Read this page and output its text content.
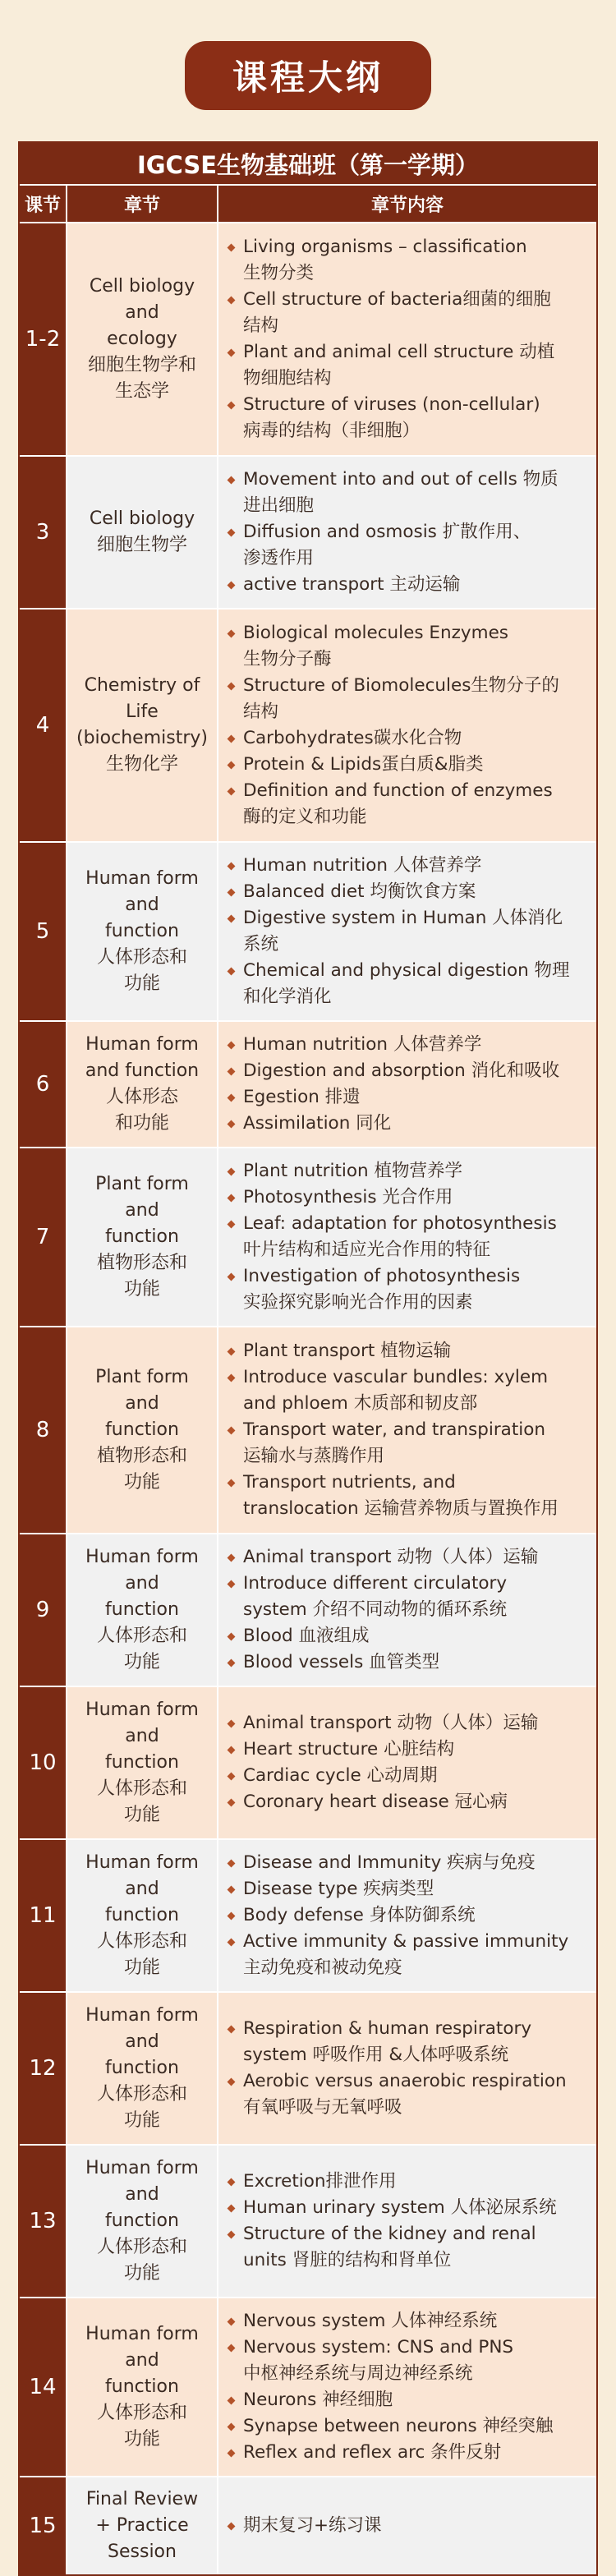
课程大纲
IGCSE生物基础班（第一学期）
课节	章节	章节内容
1-2
Cell biology
and
ecology
细胞生物学和
生态学
Living organisms – classification
生物分类
Cell structure of bacteria细菌的细胞
结构
Plant and animal cell structure 动植
物细胞结构
Structure of viruses (non-cellular)
病毒的结构（非细胞）
3
Cell biology
细胞生物学
Movement into and out of cells 物质
进出细胞
Diffusion and osmosis 扩散作用、
渗透作用
active transport 主动运输
4
Chemistry of
Life
(biochemistry)
生物化学
Biological molecules Enzymes
生物分子酶
Structure of Biomolecules生物分子的
结构
Carbohydrates碳水化合物
Protein & Lipids蛋白质&脂类
Definition and function of enzymes
酶的定义和功能
5
Human form
and
function
人体形态和
功能
Human nutrition 人体营养学
Balanced diet 均衡饮食方案
Digestive system in Human 人体消化
系统
Chemical and physical digestion 物理
和化学消化
6
Human form
and function
人体形态
和功能
Human nutrition 人体营养学
Digestion and absorption 消化和吸收
Egestion 排遗
Assimilation 同化
7
Plant form
and
function
植物形态和
功能
Plant nutrition 植物营养学
Photosynthesis 光合作用
Leaf: adaptation for photosynthesis
叶片结构和适应光合作用的特征
Investigation of photosynthesis
实验探究影响光合作用的因素
8
Plant form
and
function
植物形态和
功能
Plant transport 植物运输
Introduce vascular bundles: xylem
and phloem 木质部和韧皮部
Transport water, and transpiration
运输水与蒸腾作用
Transport nutrients, and
translocation 运输营养物质与置换作用
9
Human form
and
function
人体形态和
功能
Animal transport 动物（人体）运输
Introduce different circulatory
system 介绍不同动物的循环系统
Blood 血液组成
Blood vessels 血管类型
10
Human form
and
function
人体形态和
功能
Animal transport 动物（人体）运输
Heart structure 心脏结构
Cardiac cycle 心动周期
Coronary heart disease 冠心病
11
Human form
and
function
人体形态和
功能
Disease and Immunity 疾病与免疫
Disease type 疾病类型
Body defense 身体防御系统
Active immunity & passive immunity
主动免疫和被动免疫
12
Human form
and
function
人体形态和
功能
Respiration & human respiratory
system 呼吸作用 &人体呼吸系统
Aerobic versus anaerobic respiration
有氧呼吸与无氧呼吸
13
Human form
and
function
人体形态和
功能
Excretion排泄作用
Human urinary system 人体泌尿系统
Structure of the kidney and renal
units 肾脏的结构和肾单位
14
Human form
and
function
人体形态和
功能
Nervous system 人体神经系统
Nervous system: CNS and PNS
中枢神经系统与周边神经系统
Neurons 神经细胞
Synapse between neurons 神经突触
Reflex and reflex arc 条件反射
15
Final Review
+ Practice
Session
期末复习+练习课
